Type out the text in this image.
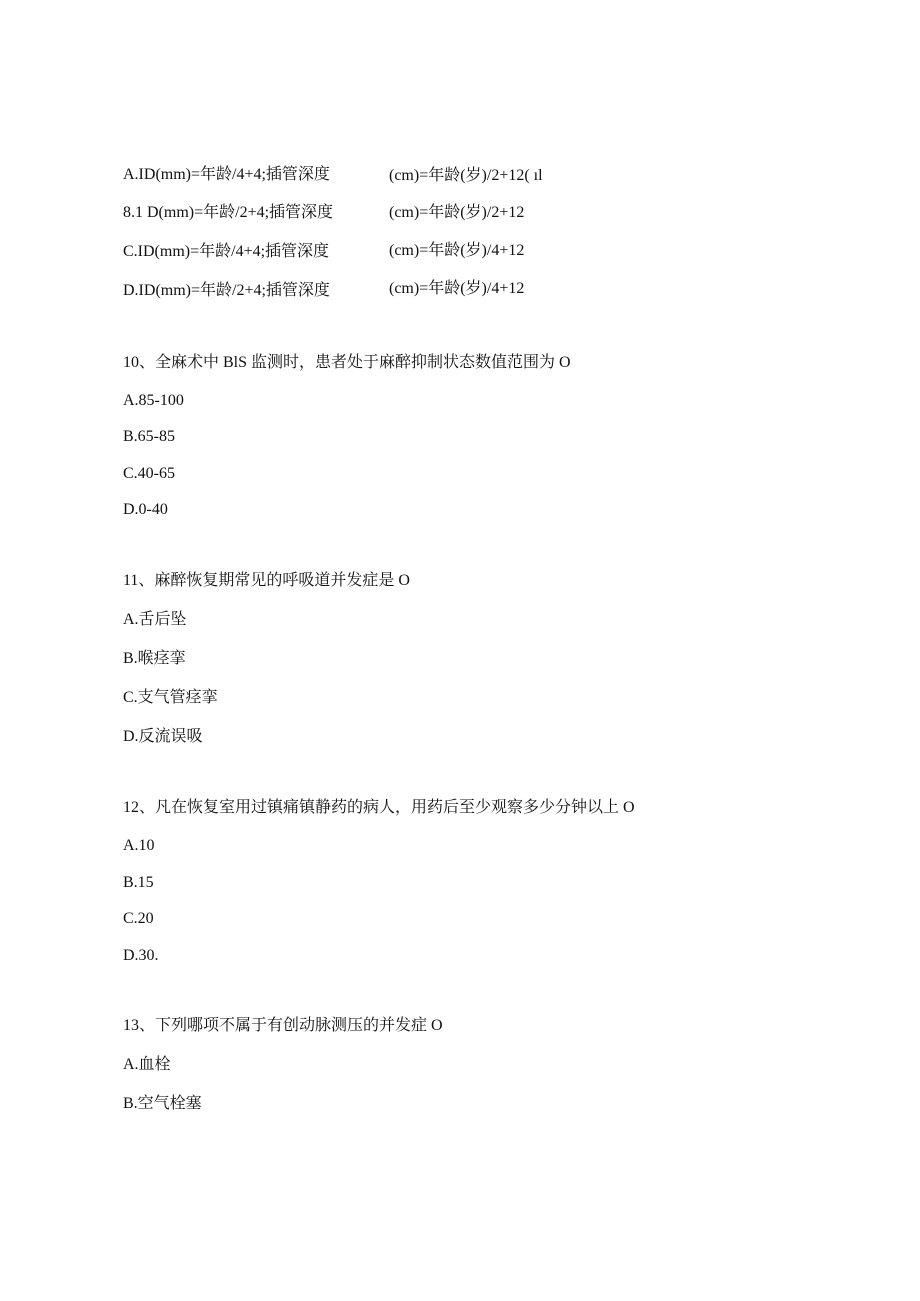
A.ID(mm)=年龄/4+4;插管深度	(cm)=年龄(岁)/2+12( ıl
8.1 D(mm)=年龄/2+4;插管深度	(cm)=年龄(岁)/2+12
C.ID(mm)=年龄/4+4;插管深度	(cm)=年龄(岁)/4+12
D.ID(mm)=年龄/2+4;插管深度	(cm)=年龄(岁)/4+12
10、全麻术中 BlS 监测时，患者处于麻醉抑制状态数值范围为 O
A.85-100
B.65-85
C.40-65
D.0-40
11、麻醉恢复期常见的呼吸道并发症是 O
A.舌后坠
B.喉痉挛
C.支气管痉挛
D.反流误吸
12、凡在恢复室用过镇痛镇静药的病人，用药后至少观察多少分钟以上 O
A.10
B.15
C.20
D.30.
13、下列哪项不属于有创动脉测压的并发症 O
A.血栓
B.空气栓塞
